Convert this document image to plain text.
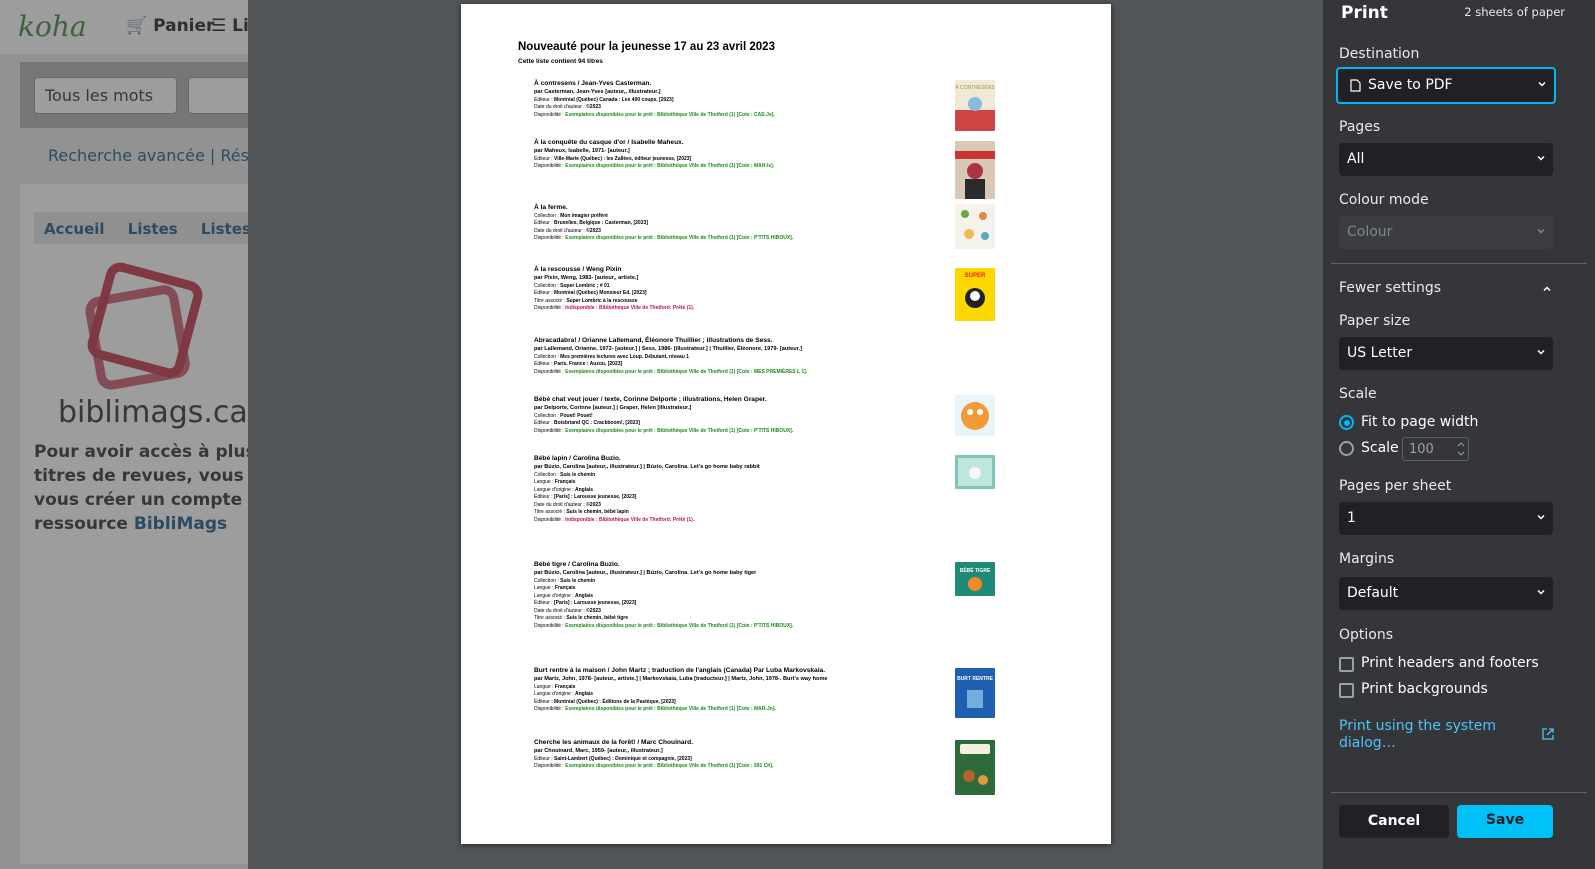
Nouveauté pour la jeunesse 17 au 23 avril 2023
Cette liste contient 94 titres
À contresens / Jean-Yves Casterman.
par Casterman, Jean-Yves [auteur,, illustrateur.]
Éditeur : Montréal (Québec) Canada : Les 400 coups, [2023]
Date du droit d'auteur : ©2023
Disponibilité : Exemplaires disponibles pour le prêt : Bibliothèque Ville de Thetford (1) [Cote : CAS-Je].
À la conquête du casque d'or / Isabelle Maheux.
par Maheux, Isabelle, 1971- [auteur.]
Éditeur : Ville-Marie (Québec) : les Zallées, éditeur jeunesse, [2023]
Disponibilité : Exemplaires disponibles pour le prêt : Bibliothèque Ville de Thetford (1) [Cote : MAH-Is].
À la ferme.
Collection : Mon imagier préféré
Éditeur : Bruxelles, Belgique : Casterman, [2023]
Date du droit d'auteur : ©2023
Disponibilité : Exemplaires disponibles pour le prêt : Bibliothèque Ville de Thetford (1) [Cote : P'TITS HIBOUX].
À la rescousse / Weng Pixin
par Pixin, Weng, 1983- [auteur,, artiste.]
Collection : Super Lombric ; # 01
Éditeur : Montréal (Québec) Monsieur Ed, [2023]
Titre associé : Super Lombric à la rescousse
Disponibilité : Indisponible : Bibliothèque Ville de Thetford: Prêté (1).
Abracadabra! / Orianne Lallemand, Éléonore Thuillier ; illustrations de Sess.
par Lallemand, Orianne, 1972- [auteur.] | Sess, 1986- [illustrateur.] | Thuillier, Éléonore, 1979- [auteur.]
Collection : Mes premières lectures avec Loup. Débutant, niveau 1
Éditeur : Paris, France : Auzou, [2023]
Disponibilité : Exemplaires disponibles pour le prêt : Bibliothèque Ville de Thetford (1) [Cote : MES PREMIÈRES L 1].
Bébé chat veut jouer / texte, Corinne Delporte ; illustrations, Helen Graper.
par Delporte, Corinne [auteur.] | Graper, Helen [illustrateur.]
Collection : Pouet! Pouet!
Éditeur : Boisbriand QC : Crackboom!, [2023]
Disponibilité : Exemplaires disponibles pour le prêt : Bibliothèque Ville de Thetford (1) [Cote : P'TITS HIBOUX].
Bébé lapin / Carolina Buzio.
par Búzio, Carolina [auteur,, illustrateur.] | Búzio, Carolina. Let's go home baby rabbit
Collection : Suis le chemin
Langue : Français
Langue d'origine : Anglais
Éditeur : [Paris] : Larousse jeunesse, [2023]
Date du droit d'auteur : ©2023
Titre associé : Suis le chemin, bébé lapin
Disponibilité : Indisponible : Bibliothèque Ville de Thetford: Prêté (1).
Bébé tigre / Carolina Buzio.
par Búzio, Carolina [auteur,, illustrateur.] | Búzio, Carolina. Let's go home baby tiger
Collection : Suis le chemin
Langue : Français
Langue d'origine : Anglais
Éditeur : [Paris] : Larousse jeunesse, [2023]
Date du droit d'auteur : ©2023
Titre associé : Suis le chemin, bébé tigre
Disponibilité : Exemplaires disponibles pour le prêt : Bibliothèque Ville de Thetford (1) [Cote : P'TITS HIBOUX].
Burt rentre à la maison / John Martz ; traduction de l'anglais (Canada) Par Luba Markovskaia.
par Martz, John, 1978- [auteur,, artiste.] | Markovskaia, Luba [traducteur.] | Martz, John, 1978-. Burt's way home
Langue : Français
Langue d'origine : Anglais
Éditeur : Montréal (Québec) : Éditions de la Pastèque, [2023]
Disponibilité : Exemplaires disponibles pour le prêt : Bibliothèque Ville de Thetford (1) [Cote : MAR-Jo].
Cherche les animaux de la forêt! / Marc Chouinard.
par Chouinard, Marc, 1959- [auteur,, illustrateur.]
Éditeur : Saint-Lambert (Québec) : Dominique et compagnie, [2023]
Disponibilité : Exemplaires disponibles pour le prêt : Bibliothèque Ville de Thetford (1) [Cote : 591 Ch].
À CONTRESENS
SUPER
BÉBÉ TIGRE
BURT RENTRE
Print	2 sheets of paper
Destination
Save to PDF
Pages
All
Colour mode
Colour
Fewer settings
Paper size
US Letter
Scale
Fit to page width
Scale 100
Pages per sheet
1
Margins
Default
Options
Print headers and footers
Print backgrounds
Print using the system dialog…
Cancel	Save
